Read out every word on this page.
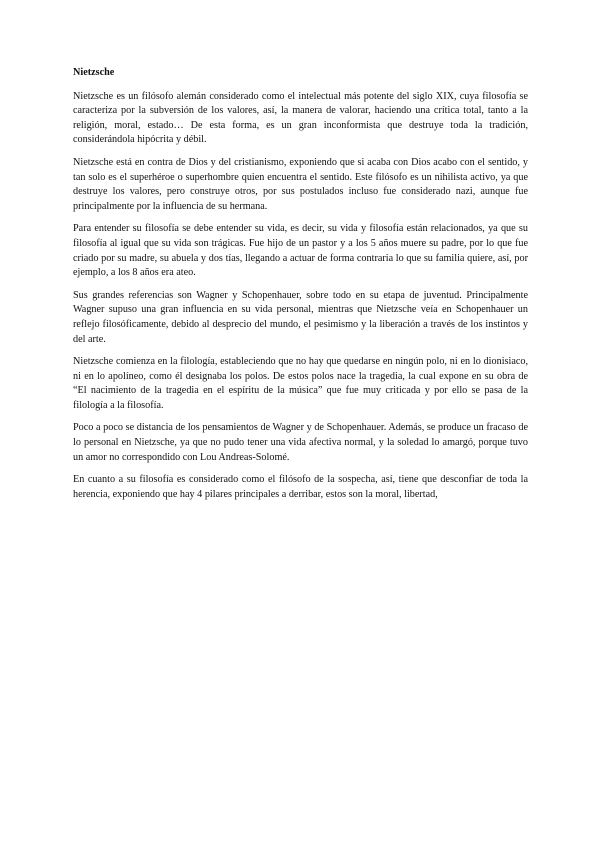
Nietzsche

Nietzsche es un filósofo alemán considerado como el intelectual más potente del siglo XIX, cuya filosofía se caracteriza por la subversión de los valores, así, la manera de valorar, haciendo una crítica total, tanto a la religión, moral, estado… De esta forma, es un gran inconformista que destruye toda la tradición, considerándola hipócrita y débil.

Nietzsche está en contra de Dios y del cristianismo, exponiendo que si acaba con Dios acabo con el sentido, y tan solo es el superhéroe o superhombre quien encuentra el sentido. Este filósofo es un nihilista activo, ya que destruye los valores, pero construye otros, por sus postulados incluso fue considerado nazi, aunque fue principalmente por la influencia de su hermana.

Para entender su filosofía se debe entender su vida, es decir, su vida y filosofía están relacionados, ya que su filosofía al igual que su vida son trágicas. Fue hijo de un pastor y a los 5 años muere su padre, por lo que fue criado por su madre, su abuela y dos tías, llegando a actuar de forma contraria lo que su familia quiere, así, por ejemplo, a los 8 años era ateo.

Sus grandes referencias son Wagner y Schopenhauer, sobre todo en su etapa de juventud. Principalmente Wagner supuso una gran influencia en su vida personal, mientras que Nietzsche veía en Schopenhauer un reflejo filosóficamente, debido al desprecio del mundo, el pesimismo y la liberación a través de los instintos y del arte.

Nietzsche comienza en la filología, estableciendo que no hay que quedarse en ningún polo, ni en lo dionisiaco, ni en lo apolíneo, como él designaba los polos. De estos polos nace la tragedia, la cual expone en su obra de “El nacimiento de la tragedia en el espíritu de la música” que fue muy criticada y por ello se pasa de la filología a la filosofía.

Poco a poco se distancia de los pensamientos de Wagner y de Schopenhauer. Además, se produce un fracaso de lo personal en Nietzsche, ya que no pudo tener una vida afectiva normal, y la soledad lo amargó, porque tuvo un amor no correspondido con Lou Andreas-Solomé.

En cuanto a su filosofía es considerado como el filósofo de la sospecha, así, tiene que desconfiar de toda la herencia, exponiendo que hay 4 pilares principales a derribar, estos son la moral, libertad,
